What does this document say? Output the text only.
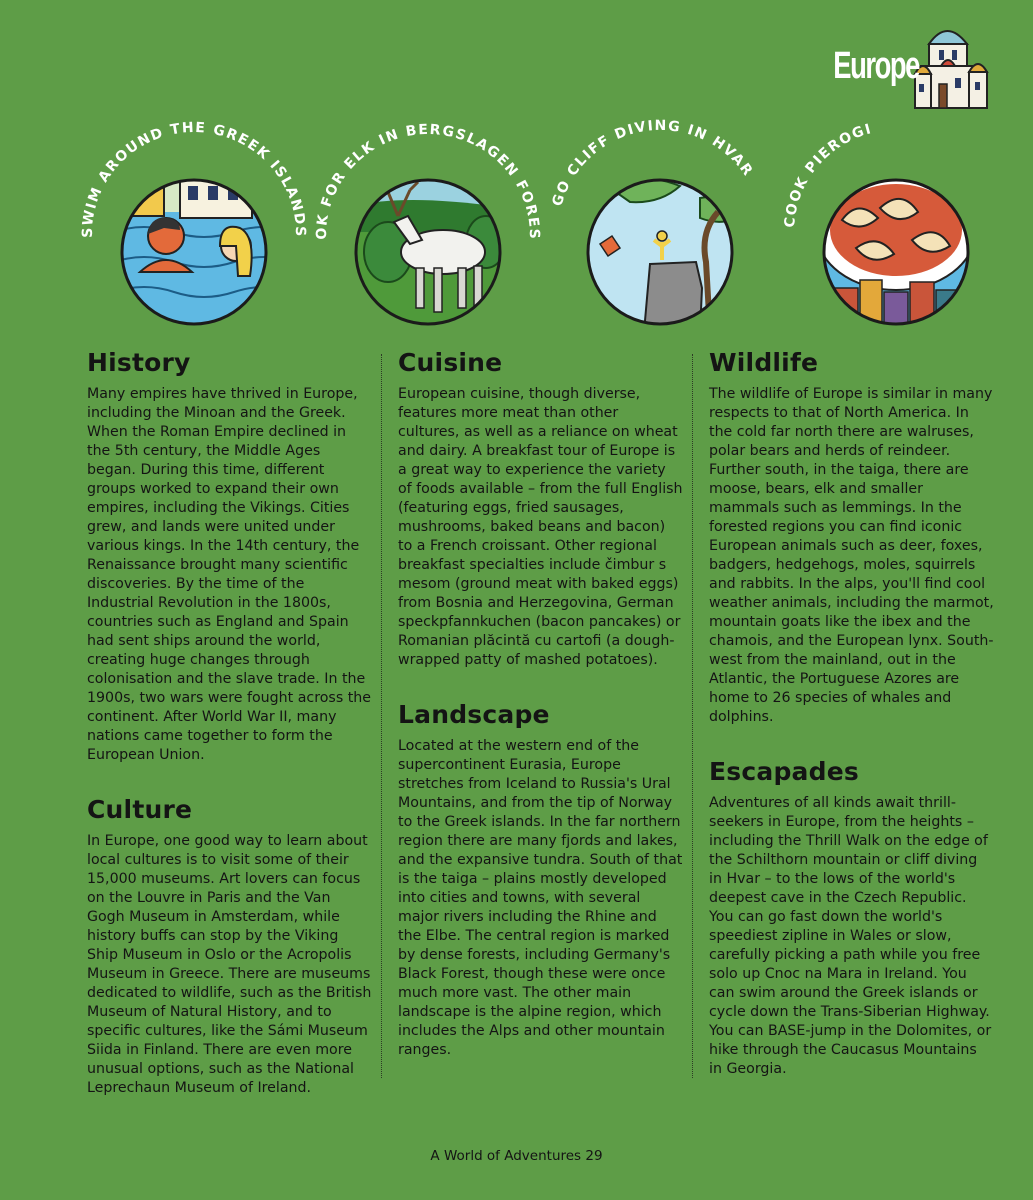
Europe
SWIM AROUND THE GREEK ISLANDS
LOOK FOR ELK IN BERGSLAGEN FORESTS
GO CLIFF DIVING IN HVAR
COOK PIEROGI
History

Many empires have thrived in Europe, including the Minoan and the Greek. When the Roman Empire declined in the 5th century, the Middle Ages began. During this time, different groups worked to expand their own empires, including the Vikings. Cities grew, and lands were united under various kings. In the 14th century, the Renaissance brought many scientific discoveries. By the time of the Industrial Revolution in the 1800s, countries such as England and Spain had sent ships around the world, creating huge changes through colonisation and the slave trade. In the 1900s, two wars were fought across the continent. After World War II, many nations came together to form the European Union.

Culture

In Europe, one good way to learn about local cultures is to visit some of their 15,000 museums. Art lovers can focus on the Louvre in Paris and the Van Gogh Museum in Amsterdam, while history buffs can stop by the Viking Ship Museum in Oslo or the Acropolis Museum in Greece. There are museums dedicated to wildlife, such as the British Museum of Natural History, and to specific cultures, like the Sámi Museum Siida in Finland. There are even more unusual options, such as the National Leprechaun Museum of Ireland.

Cuisine

European cuisine, though diverse, features more meat than other cultures, as well as a reliance on wheat and dairy. A breakfast tour of Europe is a great way to experience the variety of foods available – from the full English (featuring eggs, fried sausages, mushrooms, baked beans and bacon) to a French croissant. Other regional breakfast specialties include čimbur s mesom (ground meat with baked eggs) from Bosnia and Herzegovina, German speckpfannkuchen (bacon pancakes) or Romanian plăcintă cu cartofi (a dough-wrapped patty of mashed potatoes).

Landscape

Located at the western end of the supercontinent Eurasia, Europe stretches from Iceland to Russia's Ural Mountains, and from the tip of Norway to the Greek islands. In the far northern region there are many fjords and lakes, and the expansive tundra. South of that is the taiga – plains mostly developed into cities and towns, with several major rivers including the Rhine and the Elbe. The central region is marked by dense forests, including Germany's Black Forest, though these were once much more vast. The other main landscape is the alpine region, which includes the Alps and other mountain ranges.

Wildlife

The wildlife of Europe is similar in many respects to that of North America. In the cold far north there are walruses, polar bears and herds of reindeer. Further south, in the taiga, there are moose, bears, elk and smaller mammals such as lemmings. In the forested regions you can find iconic European animals such as deer, foxes, badgers, hedgehogs, moles, squirrels and rabbits. In the alps, you'll find cool weather animals, including the marmot, mountain goats like the ibex and the chamois, and the European lynx. South-west from the mainland, out in the Atlantic, the Portuguese Azores are home to 26 species of whales and dolphins.

Escapades

Adventures of all kinds await thrill-seekers in Europe, from the heights – including the Thrill Walk on the edge of the Schilthorn mountain or cliff diving in Hvar – to the lows of the world's deepest cave in the Czech Republic. You can go fast down the world's speediest zipline in Wales or slow, carefully picking a path while you free solo up Cnoc na Mara in Ireland. You can swim around the Greek islands or cycle down the Trans-Siberian Highway. You can BASE-jump in the Dolomites, or hike through the Caucasus Mountains in Georgia.

A World of Adventures 29
